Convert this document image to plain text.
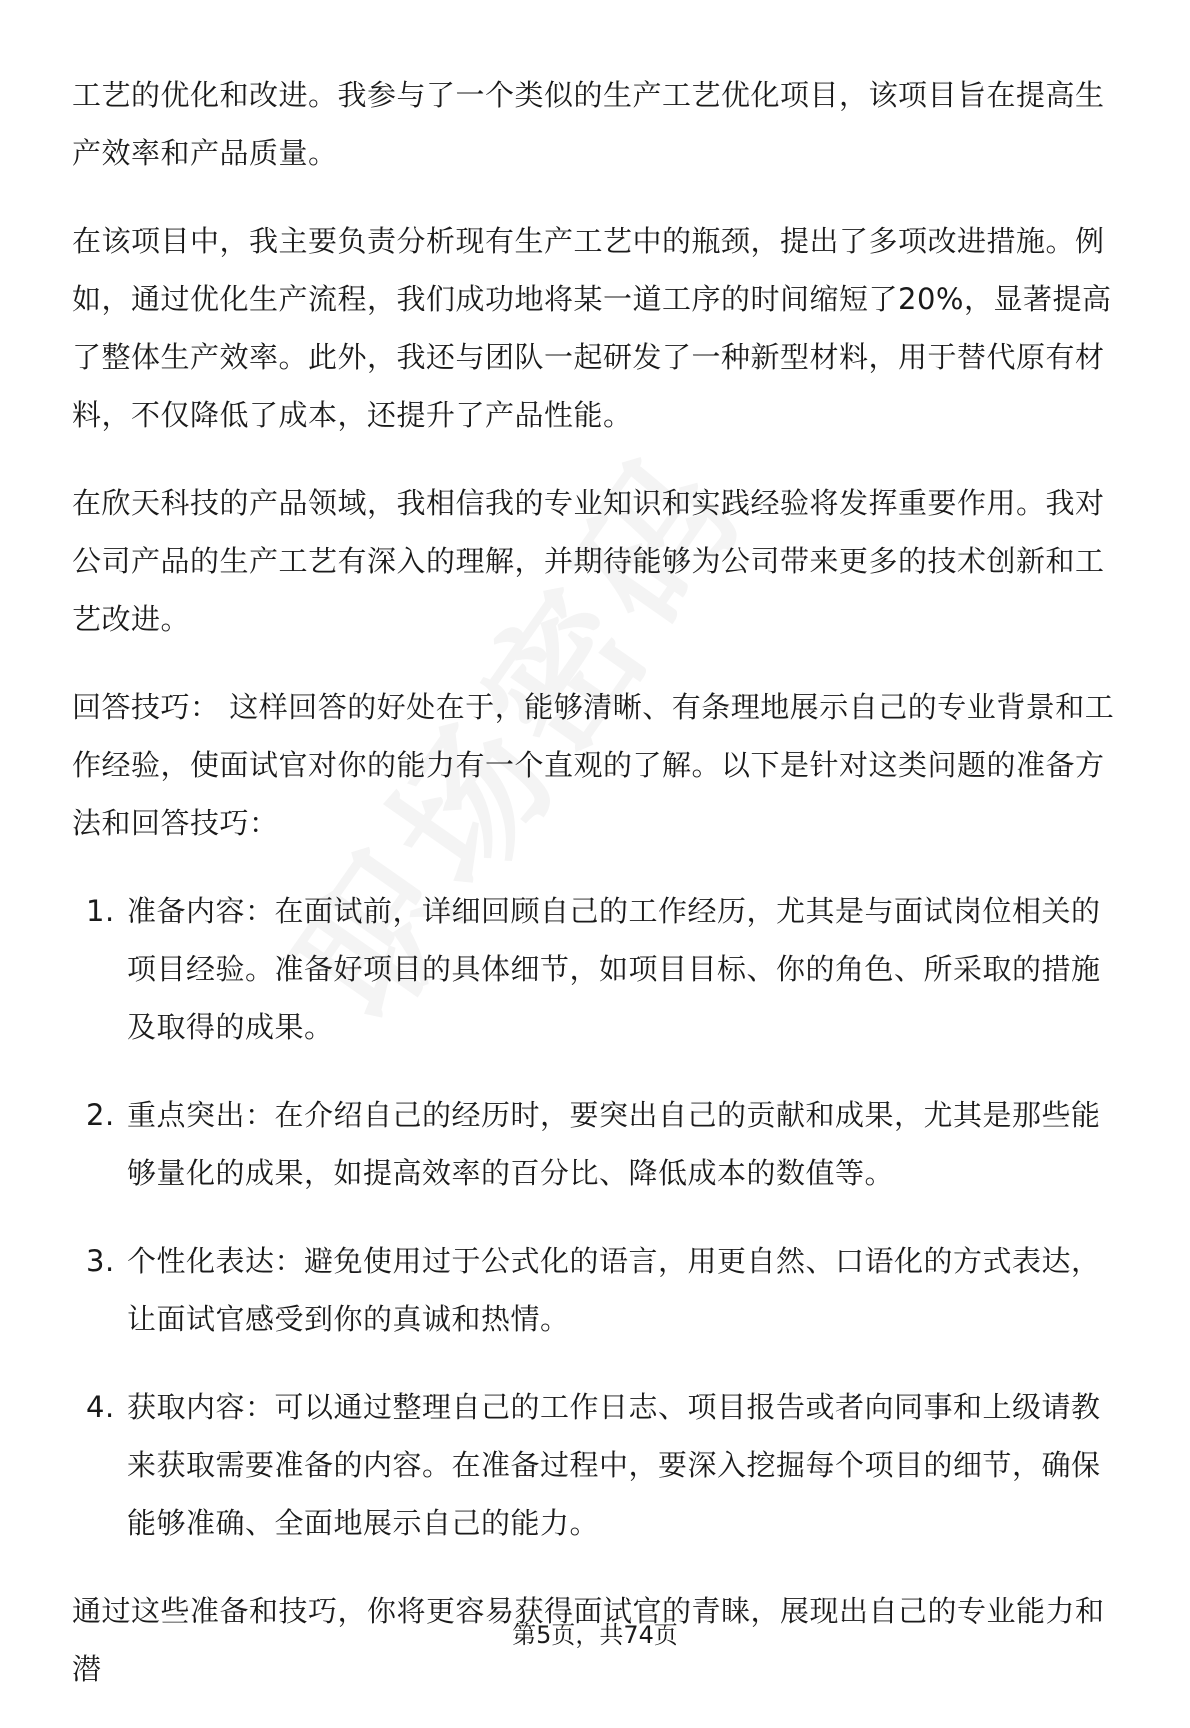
工艺的优化和改进。我参与了一个类似的生产工艺优化项目，该项目旨在提高生产效率和产品质量。

在该项目中，我主要负责分析现有生产工艺中的瓶颈，提出了多项改进措施。例如，通过优化生产流程，我们成功地将某一道工序的时间缩短了20%，显著提高了整体生产效率。此外，我还与团队一起研发了一种新型材料，用于替代原有材料，不仅降低了成本，还提升了产品性能。

在欣天科技的产品领域，我相信我的专业知识和实践经验将发挥重要作用。我对公司产品的生产工艺有深入的理解，并期待能够为公司带来更多的技术创新和工艺改进。

回答技巧： 这样回答的好处在于，能够清晰、有条理地展示自己的专业背景和工作经验，使面试官对你的能力有一个直观的了解。以下是针对这类问题的准备方法和回答技巧：

1. 准备内容：在面试前，详细回顾自己的工作经历，尤其是与面试岗位相关的项目经验。准备好项目的具体细节，如项目目标、你的角色、所采取的措施及取得的成果。
2. 重点突出：在介绍自己的经历时，要突出自己的贡献和成果，尤其是那些能够量化的成果，如提高效率的百分比、降低成本的数值等。
3. 个性化表达：避免使用过于公式化的语言，用更自然、口语化的方式表达，让面试官感受到你的真诚和热情。
4. 获取内容：可以通过整理自己的工作日志、项目报告或者向同事和上级请教来获取需要准备的内容。在准备过程中，要深入挖掘每个项目的细节，确保能够准确、全面地展示自己的能力。

通过这些准备和技巧，你将更容易获得面试官的青睐，展现出自己的专业能力和潜

第5页，共74页
